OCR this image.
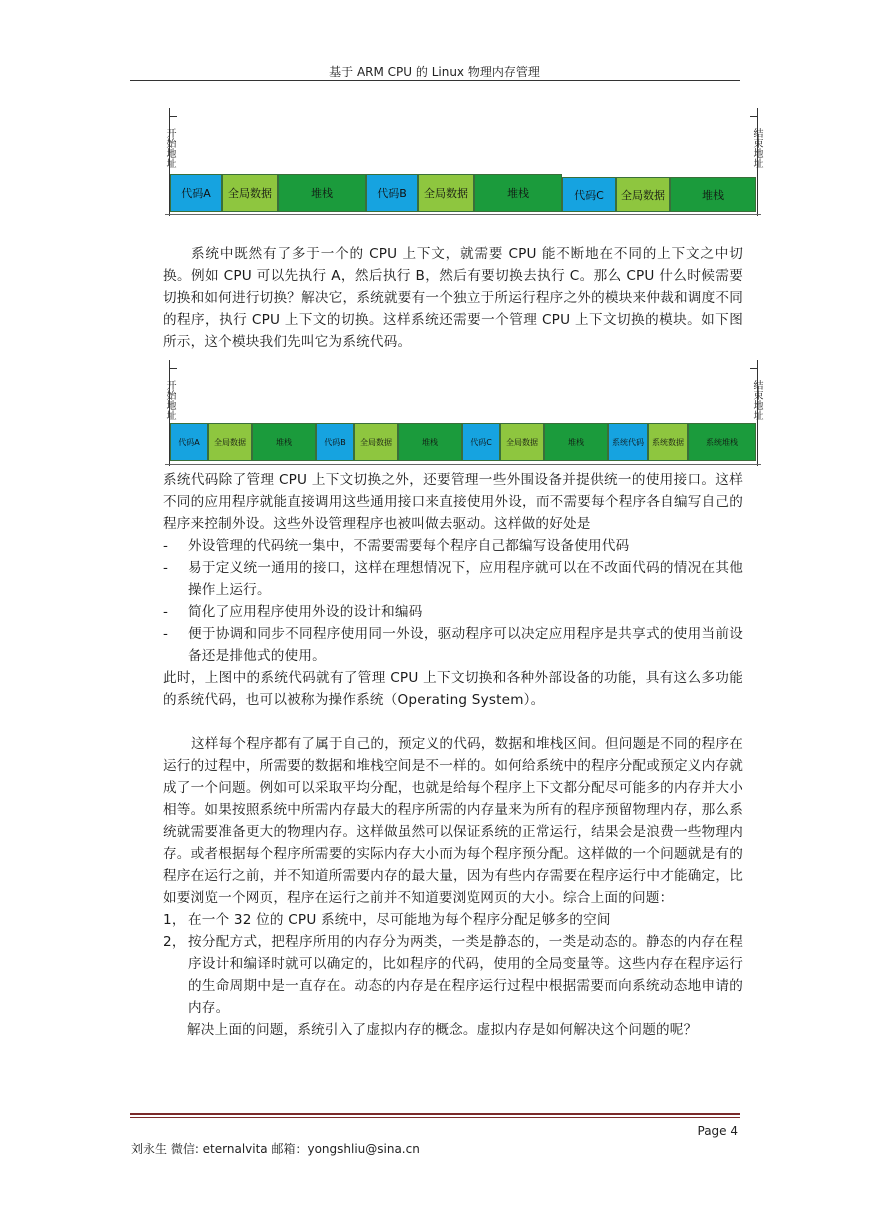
基于 ARM CPU 的 Linux 物理内存管理
开始地址	结束地址
代码A	全局数据	堆栈	代码B	全局数据	堆栈	代码C	全局数据	堆栈

系统中既然有了多于一个的 CPU 上下文，就需要 CPU 能不断地在不同的上下文之中切换。例如 CPU 可以先执行 A，然后执行 B，然后有要切换去执行 C。那么 CPU 什么时候需要切换和如何进行切换？解决它，系统就要有一个独立于所运行程序之外的模块来仲裁和调度不同的程序，执行 CPU 上下文的切换。这样系统还需要一个管理 CPU 上下文切换的模块。如下图所示，这个模块我们先叫它为系统代码。

开始地址	结束地址
代码A	全局数据	堆栈	代码B	全局数据	堆栈	代码C	全局数据	堆栈	系统代码	系统数据	系统堆栈

系统代码除了管理 CPU 上下文切换之外，还要管理一些外围设备并提供统一的使用接口。这样不同的应用程序就能直接调用这些通用接口来直接使用外设，而不需要每个程序各自编写自己的程序来控制外设。这些外设管理程序也被叫做去驱动。这样做的好处是

- 外设管理的代码统一集中，不需要需要每个程序自己都编写设备使用代码
- 易于定义统一通用的接口，这样在理想情况下，应用程序就可以在不改面代码的情况在其他操作上运行。
- 简化了应用程序使用外设的设计和编码
- 便于协调和同步不同程序使用同一外设，驱动程序可以决定应用程序是共享式的使用当前设备还是排他式的使用。

此时，上图中的系统代码就有了管理 CPU 上下文切换和各种外部设备的功能，具有这么多功能的系统代码，也可以被称为操作系统（Operating System）。

这样每个程序都有了属于自己的，预定义的代码，数据和堆栈区间。但问题是不同的程序在运行的过程中，所需要的数据和堆栈空间是不一样的。如何给系统中的程序分配或预定义内存就成了一个问题。例如可以采取平均分配，也就是给每个程序上下文都分配尽可能多的内存并大小相等。如果按照系统中所需内存最大的程序所需的内存量来为所有的程序预留物理内存，那么系统就需要准备更大的物理内存。这样做虽然可以保证系统的正常运行，结果会是浪费一些物理内存。或者根据每个程序所需要的实际内存大小而为每个程序预分配。这样做的一个问题就是有的程序在运行之前，并不知道所需要内存的最大量，因为有些内存需要在程序运行中才能确定，比如要浏览一个网页，程序在运行之前并不知道要浏览网页的大小。综合上面的问题：

1， 在一个 32 位的 CPU 系统中，尽可能地为每个程序分配足够多的空间
2， 按分配方式，把程序所用的内存分为两类，一类是静态的，一类是动态的。静态的内存在程序设计和编译时就可以确定的，比如程序的代码，使用的全局变量等。这些内存在程序运行的生命周期中是一直存在。动态的内存是在程序运行过程中根据需要而向系统动态地申请的内存。

解决上面的问题，系统引入了虚拟内存的概念。虚拟内存是如何解决这个问题的呢？

Page 4
刘永生 微信: eternalvita 邮箱：yongshliu@sina.cn
